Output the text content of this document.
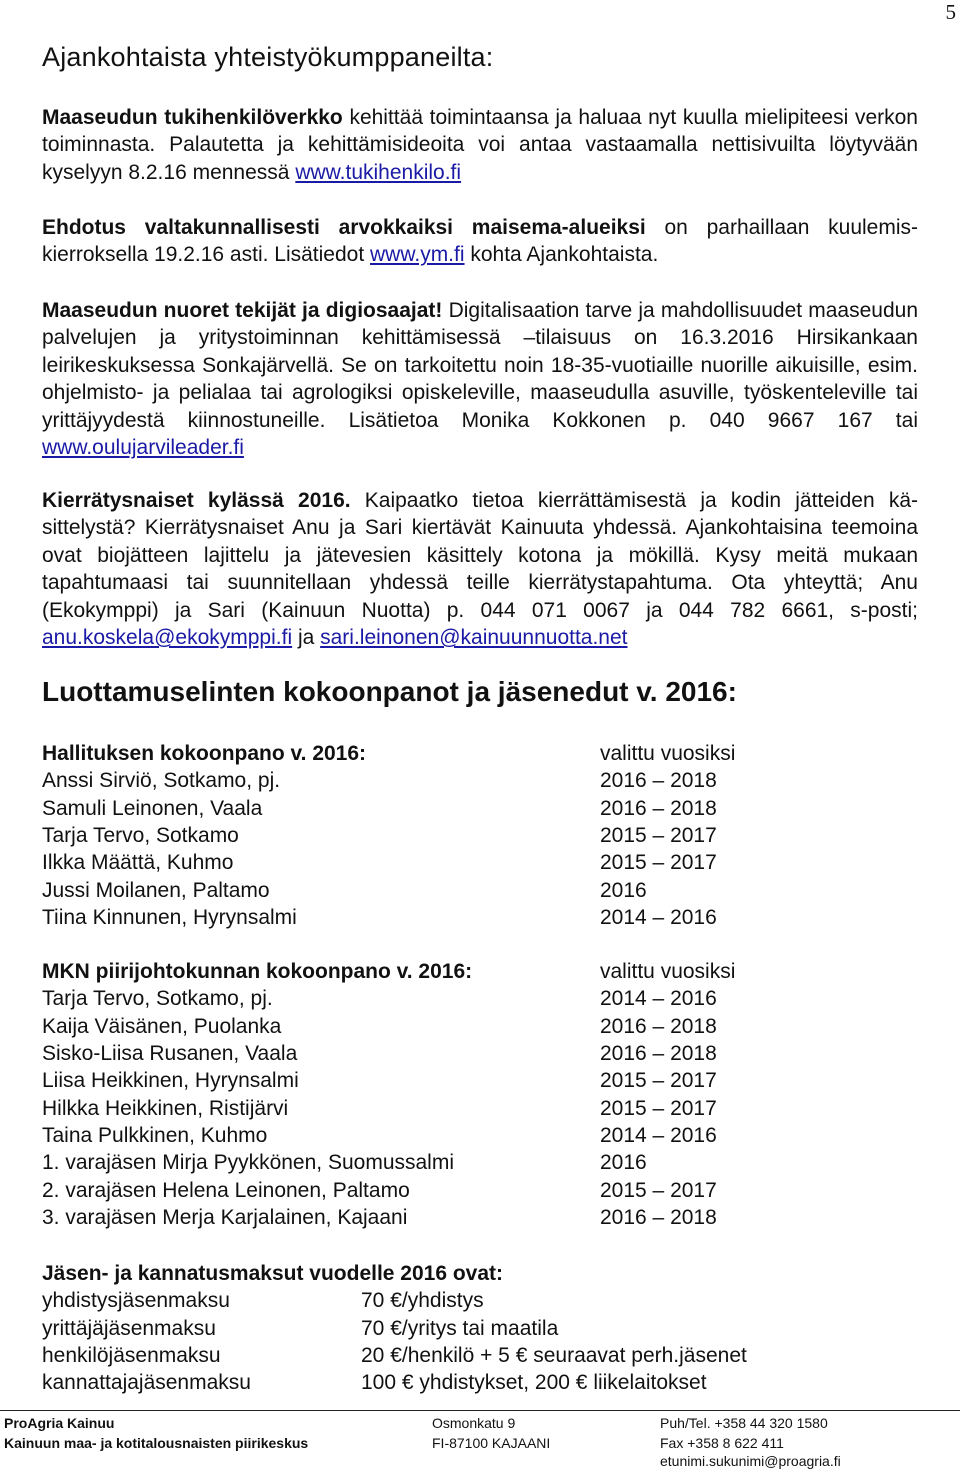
5
Ajankohtaista yhteistyökumppaneilta:

Maaseudun tukihenkilöverkko kehittää toimintaansa ja haluaa nyt kuulla mielipiteesi verkon toiminnasta. Palautetta ja kehittämisideoita voi antaa vastaamalla nettisivuilta löytyvään kyselyyn 8.2.16 mennessä www.tukihenkilo.fi

Ehdotus valtakunnallisesti arvokkaiksi maisema-alueiksi on parhaillaan kuulemiskierroksella 19.2.16 asti. Lisätiedot www.ym.fi kohta Ajankohtaista.

Maaseudun nuoret tekijät ja digiosaajat! Digitalisaation tarve ja mahdollisuudet maaseudun palvelujen ja yritystoiminnan kehittämisessä –tilaisuus on 16.3.2016 Hirsikankaan leirikeskuksessa Sonkajärvellä. Se on tarkoitettu noin 18-35-vuotiaille nuorille aikuisille, esim. ohjelmisto- ja pelialaa tai agrologiksi opiskeleville, maaseudulla asuville, työskenteleville tai yrittäjyydestä kiinnostuneille. Lisätietoa Monika Kokkonen p. 040 9667 167 tai www.oulujarvileader.fi

Kierrätysnaiset kylässä 2016. Kaipaatko tietoa kierrättämisestä ja kodin jätteiden käsittelystä? Kierrätysnaiset Anu ja Sari kiertävät Kainuuta yhdessä. Ajankohtaisina teemoina ovat biojätteen lajittelu ja jätevesien käsittely kotona ja mökillä. Kysy meitä mukaan tapahtumaasi tai suunnitellaan yhdessä teille kierrätystapahtuma. Ota yhteyttä; Anu (Ekokymppi) ja Sari (Kainuun Nuotta) p. 044 071 0067 ja 044 782 6661, s-posti; anu.koskela@ekokymppi.fi ja sari.leinonen@kainuunnuotta.net

Luottamuselinten kokoonpanot ja jäsenedut v. 2016:
Hallituksen kokoonpano v. 2016:	valittu vuosiksi
Anssi Sirviö, Sotkamo, pj.	2016 – 2018
Samuli Leinonen, Vaala	2016 – 2018
Tarja Tervo, Sotkamo	2015 – 2017
Ilkka Määttä, Kuhmo	2015 – 2017
Jussi Moilanen, Paltamo	2016
Tiina Kinnunen, Hyrynsalmi	2014 – 2016
MKN piirijohtokunnan kokoonpano v. 2016:	valittu vuosiksi
Tarja Tervo, Sotkamo, pj.	2014 – 2016
Kaija Väisänen, Puolanka	2016 – 2018
Sisko-Liisa Rusanen, Vaala	2016 – 2018
Liisa Heikkinen, Hyrynsalmi	2015 – 2017
Hilkka Heikkinen, Ristijärvi	2015 – 2017
Taina Pulkkinen, Kuhmo	2014 – 2016
1. varajäsen Mirja Pyykkönen, Suomussalmi	2016
2. varajäsen Helena Leinonen, Paltamo	2015 – 2017
3. varajäsen Merja Karjalainen, Kajaani	2016 – 2018
Jäsen- ja kannatusmaksut vuodelle 2016 ovat:
yhdistysjäsenmaksu	70 €/yhdistys
yrittäjäjäsenmaksu	70 €/yritys tai maatila
henkilöjäsenmaksu	20 €/henkilö + 5 € seuraavat perh.jäsenet
kannattajajäsenmaksu	100 € yhdistykset, 200 € liikelaitokset
ProAgria Kainuu
Kainuun maa- ja kotitalousnaisten piirikeskus
Osmonkatu 9
FI-87100 KAJAANI
Puh/Tel. +358 44 320 1580
Fax +358 8 622 411
etunimi.sukunimi@proagria.fi
